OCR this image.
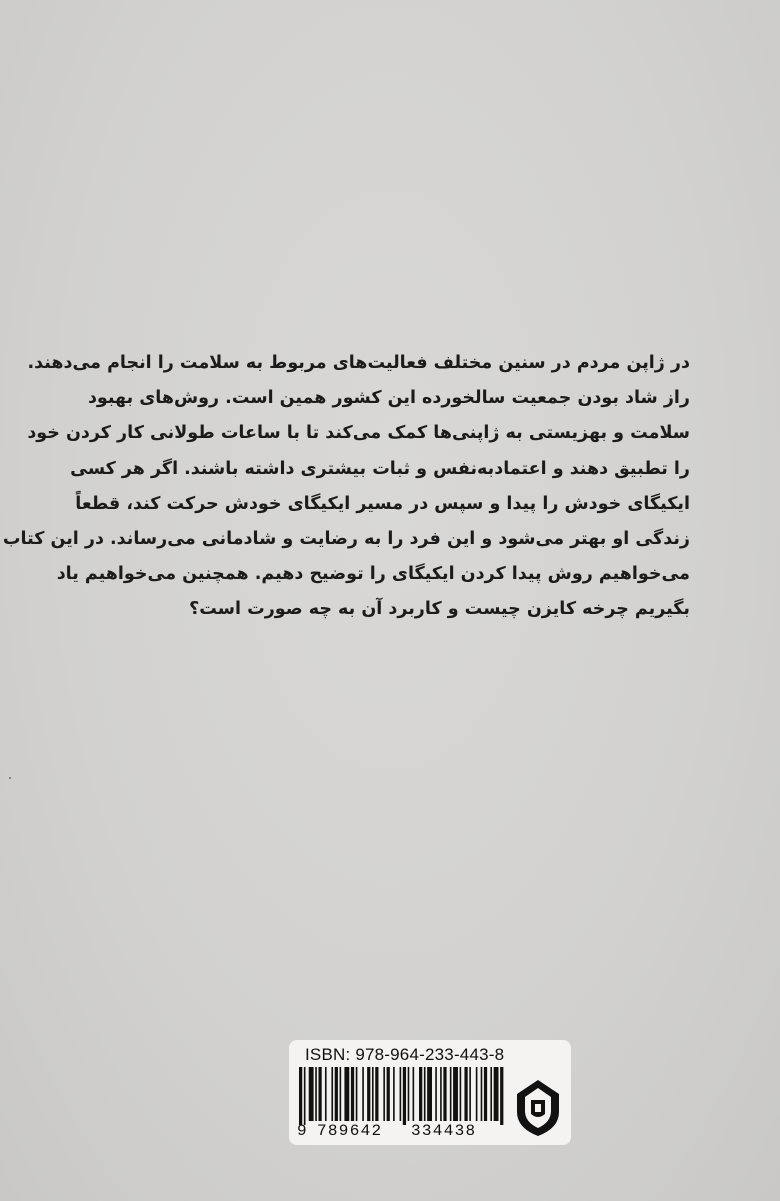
در ژاپن مردم در سنین مختلف فعالیت‌های مربوط به سلامت را انجام می‌دهند.
راز شاد بودن جمعیت سالخورده این کشور همین است. روش‌های بهبود
سلامت و بهزیستی به ژاپنی‌ها کمک می‌کند تا با ساعات طولانی کار کردن خود
را تطبیق دهند و اعتمادبه‌نفس و ثبات بیشتری داشته باشند. اگر هر کسی
ایکیگای خودش را پیدا و سپس در مسیر ایکیگای خودش حرکت کند، قطعاً
زندگی او بهتر می‌شود و این فرد را به رضایت و شادمانی می‌رساند. در این کتاب
می‌خواهیم روش پیدا کردن ایکیگای را توضیح دهیم. همچنین می‌خواهیم یاد
بگیریم چرخه کایزن چیست و کاربرد آن به چه صورت است؟
ISBN: 978-964-233-443-8
9 789642 334438
